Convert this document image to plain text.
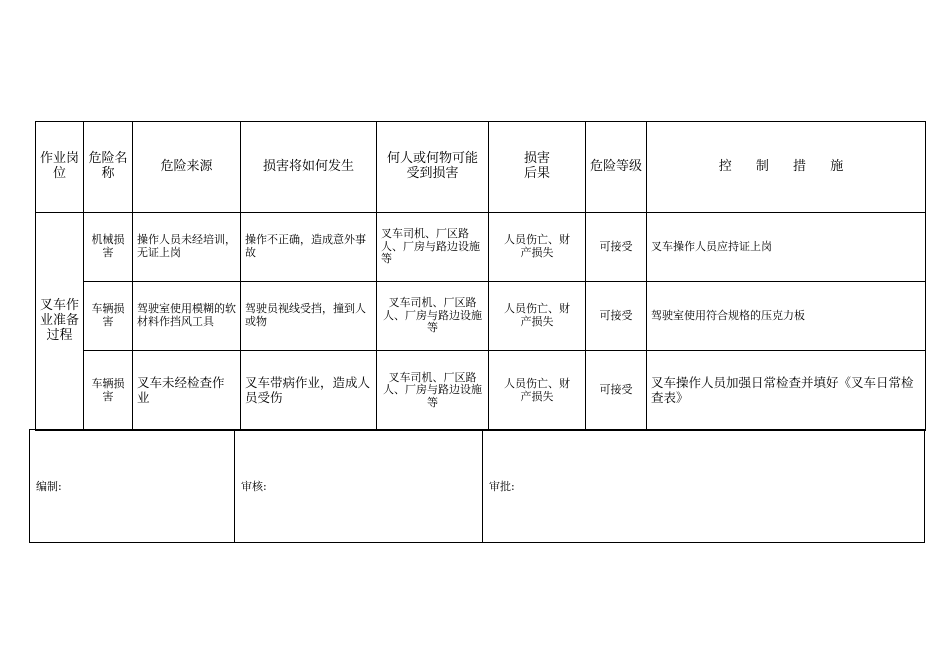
作业岗位	危险名称	危险来源	损害将如何发生	何人或何物可能受到损害	损害后果	危险等级	控 制 措 施
叉车作业准备过程	机械损害	操作人员未经培训，无证上岗	操作不正确，造成意外事故	叉车司机、厂区路人、厂房与路边设施等	人员伤亡、财产损失	可接受	叉车操作人员应持证上岗
	车辆损害	驾驶室使用模糊的软材料作挡风工具	驾驶员视线受挡，撞到人或物	叉车司机、厂区路人、厂房与路边设施等	人员伤亡、财产损失	可接受	驾驶室使用符合规格的压克力板
	车辆损害	叉车未经检查作业	叉车带病作业，造成人员受伤	叉车司机、厂区路人、厂房与路边设施等	人员伤亡、财产损失	可接受	叉车操作人员加强日常检查并填好《叉车日常检查表》
编制:	审核:	审批:
